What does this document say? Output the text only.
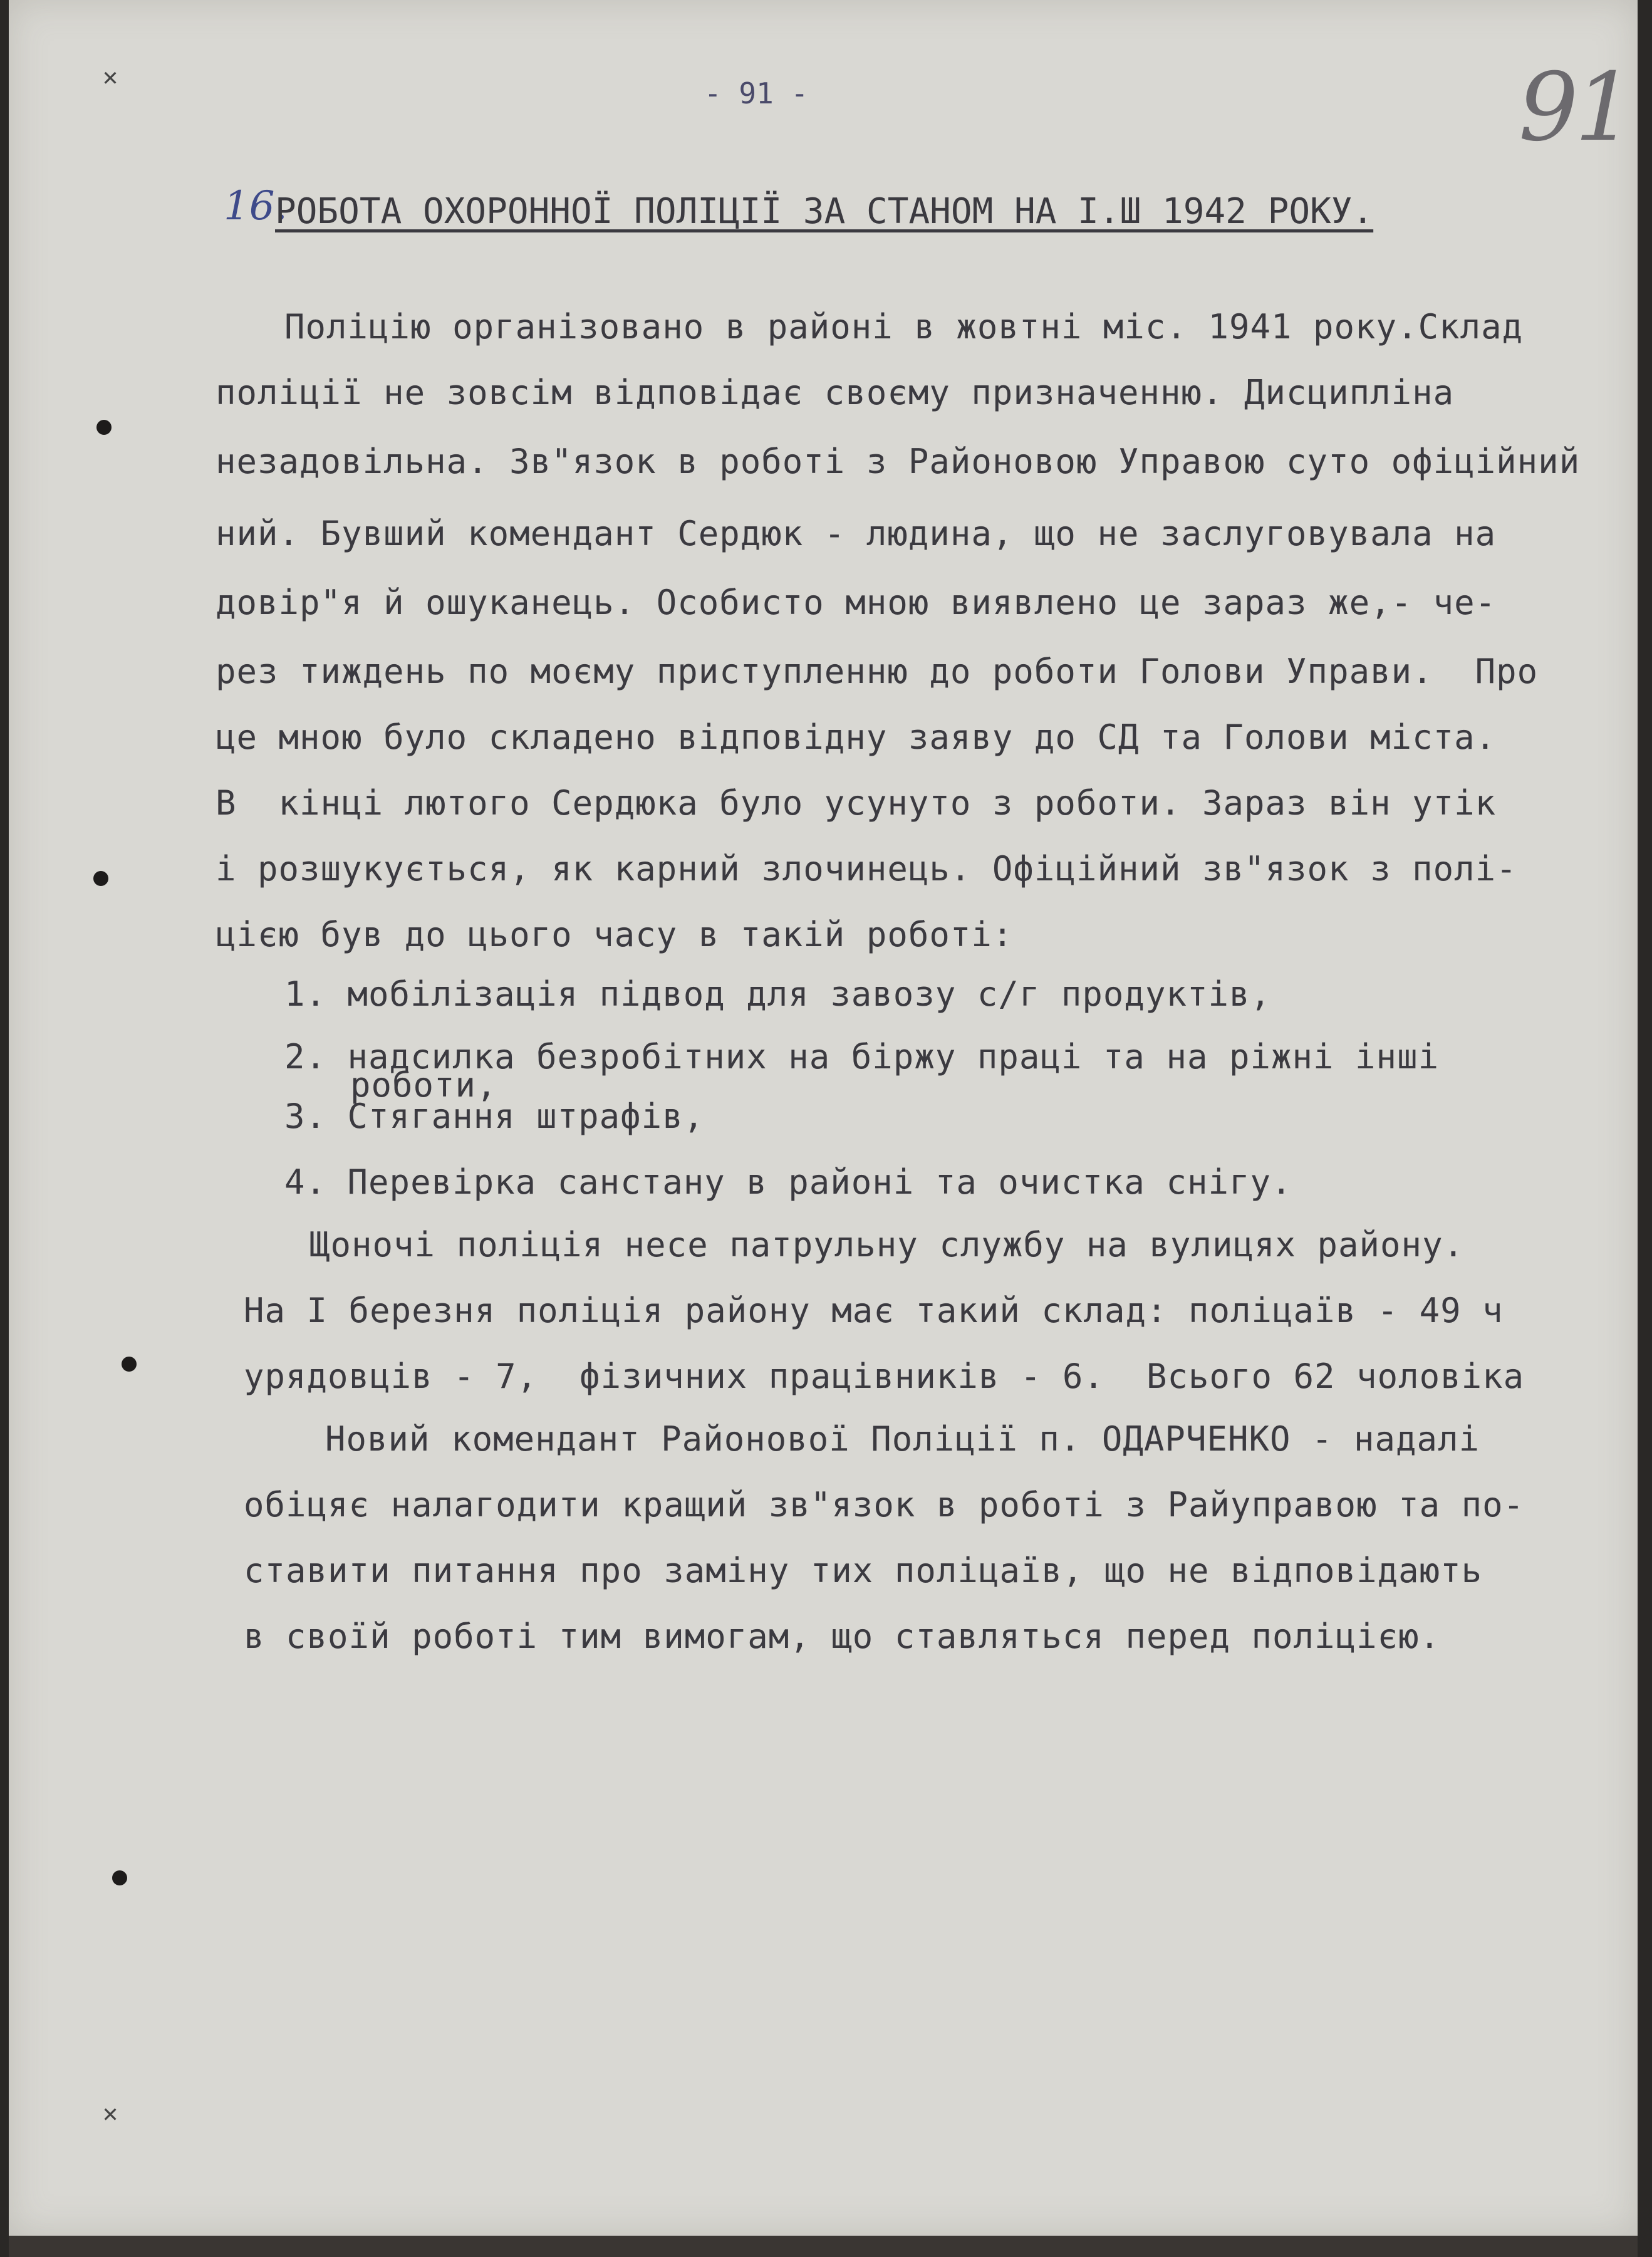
✕
✕
- 91 -	91
16.
РОБОТА ОХОРОННОЇ ПОЛІЦІЇ ЗА СТАНОМ НА І.Ш 1942 РОКУ.
Поліцію організовано в районі в жовтні міс. 1941 року.Склад
поліції не зовсім відповідає своєму призначенню. Дисципліна
незадовільна. Зв"язок в роботі з Районовою Управою суто офіційний
ний. Бувший комендант Сердюк - людина, що не заслуговувала на
довір"я й ошуканець. Особисто мною виявлено це зараз же,- че-
рез тиждень по моєму приступленню до роботи Голови Управи.  Про
це мною було складено відповідну заяву до СД та Голови міста.
В  кінці лютого Сердюка було усунуто з роботи. Зараз він утік
і розшукується, як карний злочинець. Офіційний зв"язок з полі-
цією був до цього часу в такій роботі:
1. мобілізація підвод для завозу с/г продуктів,
2. надсилка безробітних на біржу праці та на ріжні інші
роботи,
3. Стягання штрафів,
4. Перевірка санстану в районі та очистка снігу.
Щоночі поліція несе патрульну службу на вулицях району.
На І березня поліція району має такий склад: поліцаїв - 49 ч
урядовців - 7,  фізичних працівників - 6.  Всього 62 чоловіка
Новий комендант Районової Поліції п. ОДАРЧЕНКО - надалі
обіцяє налагодити кращий зв"язок в роботі з Райуправою та по-
ставити питання про заміну тих поліцаїв, що не відповідають
в своїй роботі тим вимогам, що ставляться перед поліцією.
